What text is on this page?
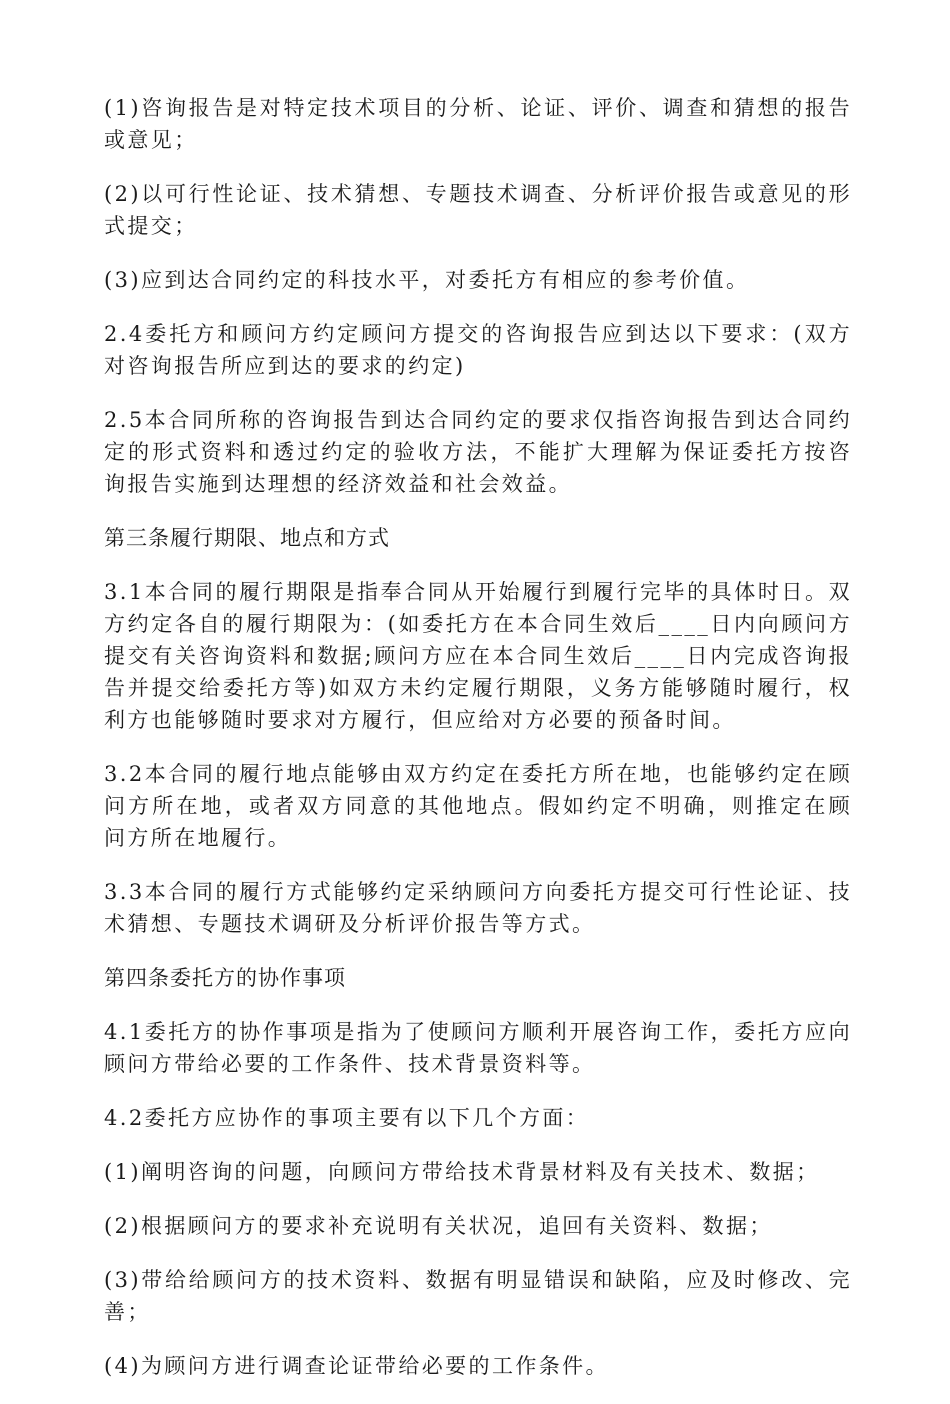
(1)咨询报告是对特定技术项目的分析、论证、评价、调查和猜想的报告或意见；

(2)以可行性论证、技术猜想、专题技术调查、分析评价报告或意见的形式提交；

(3)应到达合同约定的科技水平，对委托方有相应的参考价值。

2.4委托方和顾问方约定顾问方提交的咨询报告应到达以下要求：(双方对咨询报告所应到达的要求的约定)

2.5本合同所称的咨询报告到达合同约定的要求仅指咨询报告到达合同约定的形式资料和透过约定的验收方法，不能扩大理解为保证委托方按咨询报告实施到达理想的经济效益和社会效益。

第三条履行期限、地点和方式

3.1本合同的履行期限是指奉合同从开始履行到履行完毕的具体时日。双方约定各自的履行期限为：(如委托方在本合同生效后____日内向顾问方提交有关咨询资料和数据;顾问方应在本合同生效后____日内完成咨询报告并提交给委托方等)如双方未约定履行期限，义务方能够随时履行，权利方也能够随时要求对方履行，但应给对方必要的预备时间。

3.2本合同的履行地点能够由双方约定在委托方所在地，也能够约定在顾问方所在地，或者双方同意的其他地点。假如约定不明确，则推定在顾问方所在地履行。

3.3本合同的履行方式能够约定采纳顾问方向委托方提交可行性论证、技术猜想、专题技术调研及分析评价报告等方式。

第四条委托方的协作事项

4.1委托方的协作事项是指为了使顾问方顺利开展咨询工作，委托方应向顾问方带给必要的工作条件、技术背景资料等。

4.2委托方应协作的事项主要有以下几个方面：

(1)阐明咨询的问题，向顾问方带给技术背景材料及有关技术、数据；

(2)根据顾问方的要求补充说明有关状况，追回有关资料、数据；

(3)带给给顾问方的技术资料、数据有明显错误和缺陷，应及时修改、完善；

(4)为顾问方进行调查论证带给必要的工作条件。
